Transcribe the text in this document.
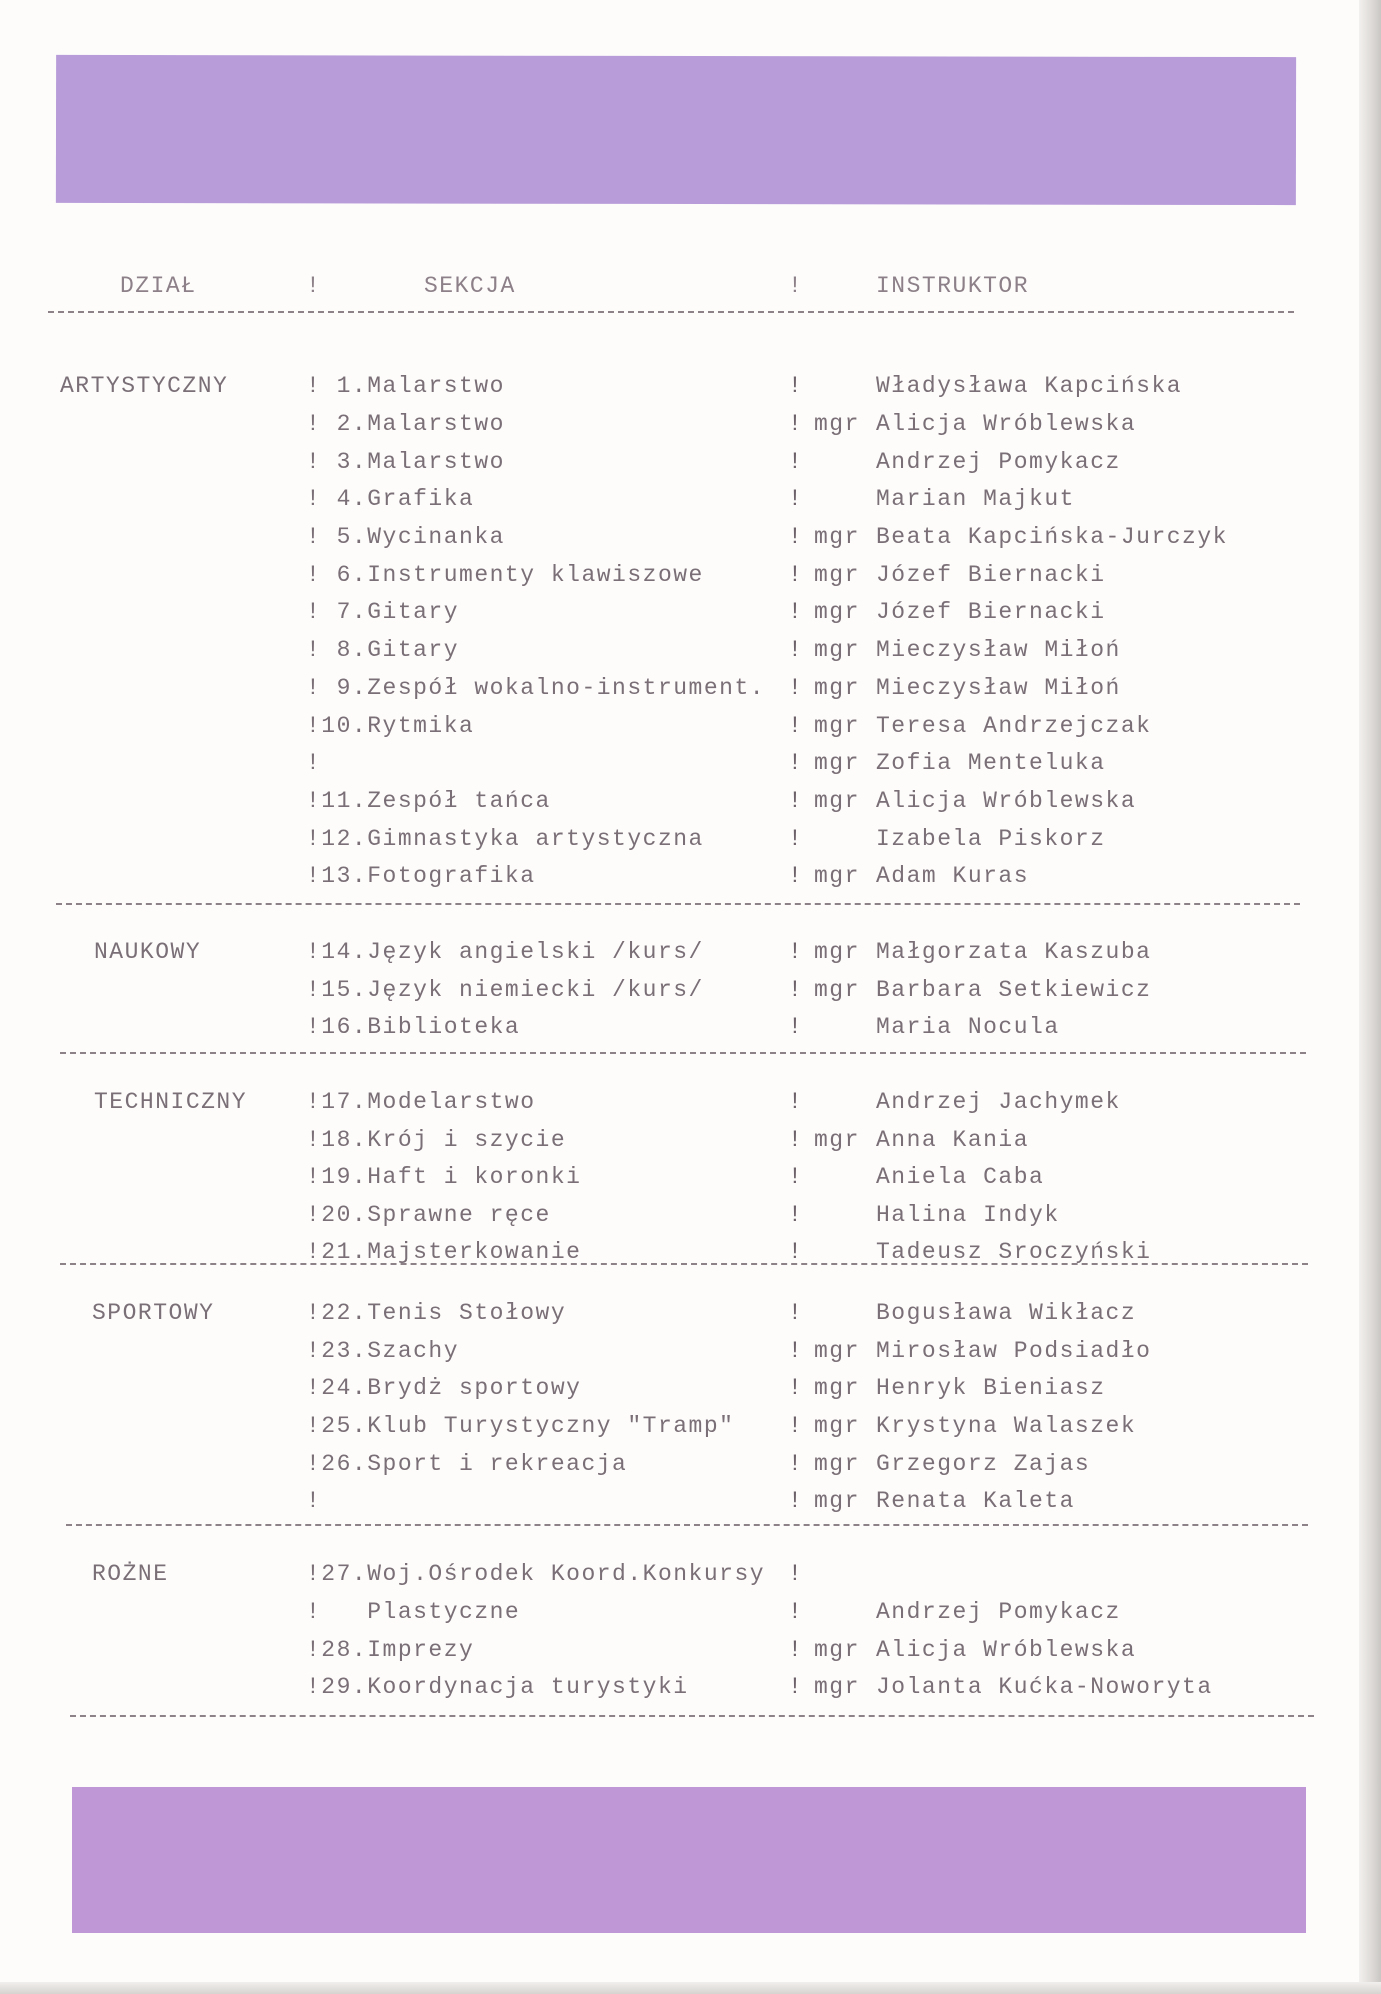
DZIAŁ	!	SEKCJA	!	INSTRUKTOR
ARTYSTYCZNY	! 1.Malarstwo	!	Władysława Kapcińska
! 2.Malarstwo	! mgr Alicja Wróblewska
! 3.Malarstwo	!	Andrzej Pomykacz
! 4.Grafika	!	Marian Majkut
! 5.Wycinanka	! mgr Beata Kapcińska-Jurczyk
! 6.Instrumenty klawiszowe	! mgr Józef Biernacki
! 7.Gitary	! mgr Józef Biernacki
! 8.Gitary	! mgr Mieczysław Miłoń
! 9.Zespół wokalno-instrument. ! mgr Mieczysław Miłoń
!10.Rytmika	! mgr Teresa Andrzejczak
!	! mgr Zofia Menteluka
!11.Zespół tańca	! mgr Alicja Wróblewska
!12.Gimnastyka artystyczna	!	Izabela Piskorz
!13.Fotografika	! mgr Adam Kuras
NAUKOWY	!14.Język angielski /kurs/	! mgr Małgorzata Kaszuba
!15.Język niemiecki /kurs/	! mgr Barbara Setkiewicz
!16.Biblioteka	!	Maria Nocula
TECHNICZNY	!17.Modelarstwo	!	Andrzej Jachymek
!18.Krój i szycie	! mgr Anna Kania
!19.Haft i koronki	!	Aniela Caba
!20.Sprawne ręce	!	Halina Indyk
!21.Majsterkowanie	!	Tadeusz Sroczyński
SPORTOWY	!22.Tenis Stołowy	!	Bogusława Wikłacz
!23.Szachy	! mgr Mirosław Podsiadło
!24.Brydż sportowy	! mgr Henryk Bieniasz
!25.Klub Turystyczny "Tramp" ! mgr Krystyna Walaszek
!26.Sport i rekreacja	! mgr Grzegorz Zajas
!	! mgr Renata Kaleta
ROŻNE	!27.Woj.Ośrodek Koord.Konkursy !
!   Plastyczne	!	Andrzej Pomykacz
!28.Imprezy	! mgr Alicja Wróblewska
!29.Koordynacja turystyki	! mgr Jolanta Kućka-Noworyta
